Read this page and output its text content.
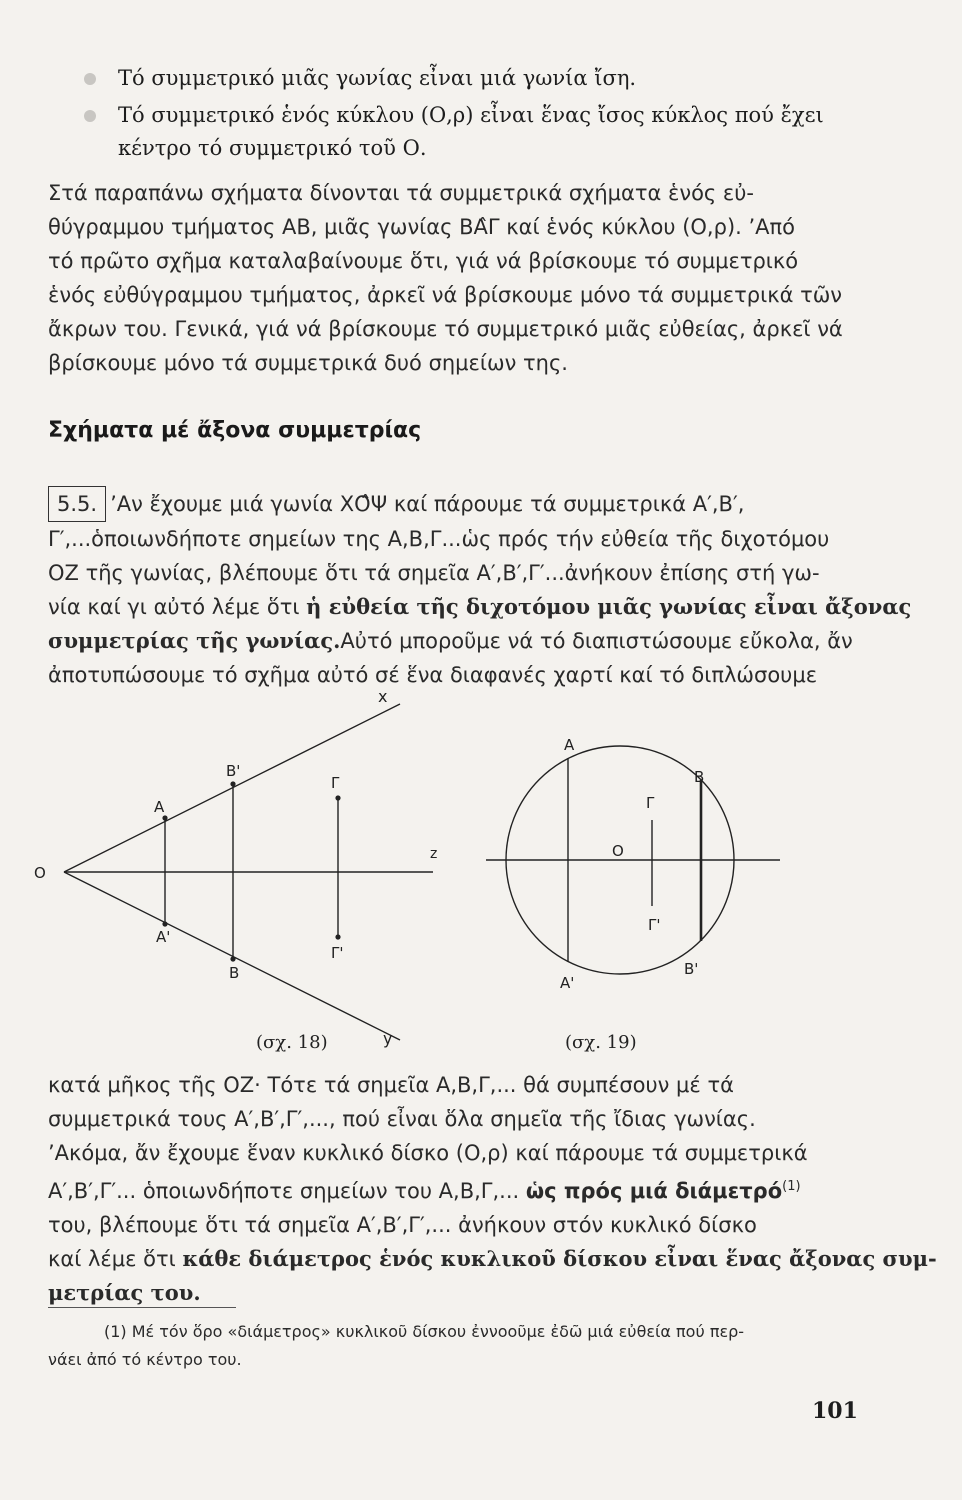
Τό συμμετρικό μιᾶς γωνίας εἶναι μιά γωνία ἴση.
Τό συμμετρικό ἑνός κύκλου (Ο,ρ) εἶναι ἕνας ἴσος κύκλος πού ἔχει
κέντρο τό συμμετρικό τοῦ Ο.
Στά παραπάνω σχήματα δίνονται τά συμμετρικά σχήματα ἑνός εὐ-
θύγραμμου τμήματος ΑΒ, μιᾶς γωνίας ΒΑ̂Γ καί ἑνός κύκλου (Ο,ρ). ’Από
τό πρῶτο σχῆμα καταλαβαίνουμε ὅτι, γιά νά βρίσκουμε τό συμμετρικό
ἑνός εὐθύγραμμου τμήματος, ἀρκεῖ νά βρίσκουμε μόνο τά συμμετρικά τῶν
ἄκρων του. Γενικά, γιά νά βρίσκουμε τό συμμετρικό μιᾶς εὐθείας, ἀρκεῖ νά
βρίσκουμε μόνο τά συμμετρικά δυό σημείων της.
Σχήματα μέ ἄξονα συμμετρίας
5.5. ’Αν ἔχουμε μιά γωνία ΧΟ̂Ψ καί πάρουμε τά συμμετρικά Α′,Β′,
Γ′,...ὁποιωνδήποτε σημείων της Α,Β,Γ...ὡς πρός τήν εὐθεία τῆς διχοτόμου
ΟΖ τῆς γωνίας, βλέπουμε ὅτι τά σημεῖα Α′,Β′,Γ′...ἀνήκουν ἐπίσης στή γω-
νία καί γι αὐτό λέμε ὅτι ἡ εὐθεία τῆς διχοτόμου μιᾶς γωνίας εἶναι ἄξονας
συμμετρίας τῆς γωνίας.Αὐτό μποροῦμε νά τό διαπιστώσουμε εὔκολα, ἄν
ἀποτυπώσουμε τό σχῆμα αὐτό σέ ἕνα διαφανές χαρτί καί τό διπλώσουμε
O
x
y
z
A
A'
B'
B
Γ
Γ'
(σχ. 18)
A
B
Γ
O
Γ'
A'
B'
(σχ. 19)
κατά μῆκος τῆς ΟΖ· Τότε τά σημεῖα Α,Β,Γ,... θά συμπέσουν μέ τά
συμμετρικά τους Α′,Β′,Γ′,..., πού εἶναι ὅλα σημεῖα τῆς ἴδιας γωνίας.
’Ακόμα, ἄν ἔχουμε ἕναν κυκλικό δίσκο (Ο,ρ) καί πάρουμε τά συμμετρικά
Α′,Β′,Γ′... ὁποιωνδήποτε σημείων του Α,Β,Γ,... ὡς πρός μιά διάμετρό$^{(1)}$
του, βλέπουμε ὅτι τά σημεῖα Α′,Β′,Γ′,... ἀνήκουν στόν κυκλικό δίσκο
καί λέμε ὅτι κάθε διάμετρος ἑνός κυκλικοῦ δίσκου εἶναι ἕνας ἄξονας συμ-
μετρίας του.
(1) Μέ τόν ὅρο «διάμετρος» κυκλικοῦ δίσκου ἐννοοῦμε ἐδῶ μιά εὐθεία πού περ-
νάει ἀπό τό κέντρο του.
101
